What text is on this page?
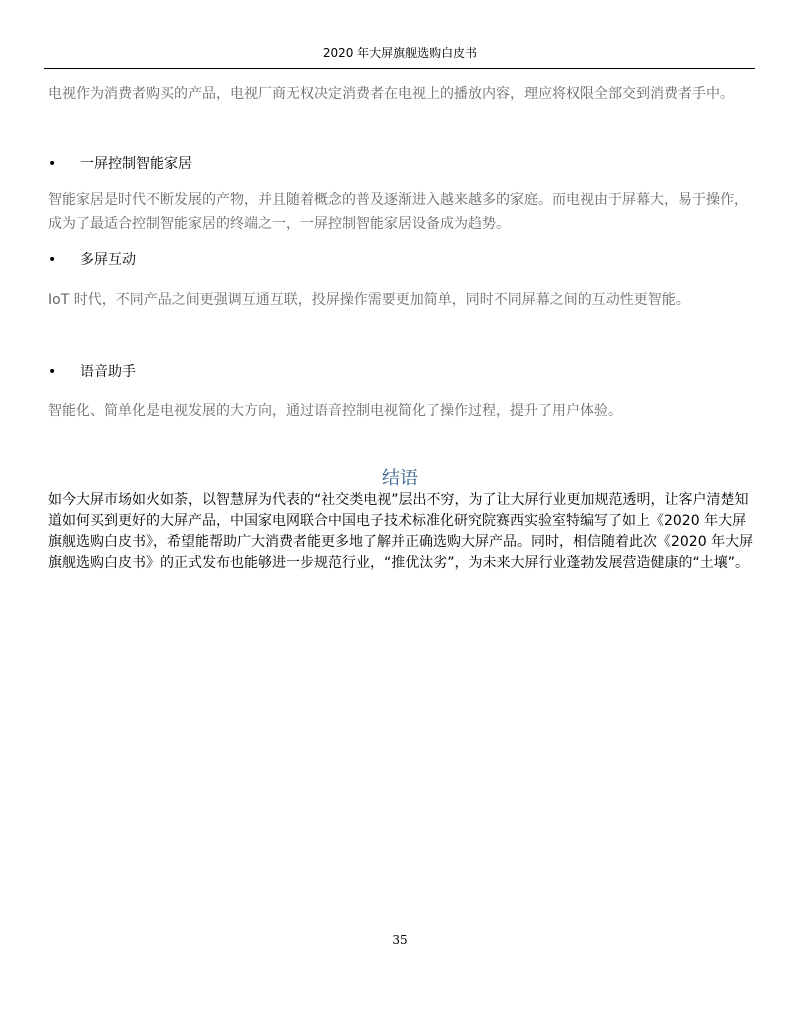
2020 年大屏旗舰选购白皮书

电视作为消费者购买的产品，电视厂商无权决定消费者在电视上的播放内容，理应将权限全部交到消费者手中。

• 一屏控制智能家居

智能家居是时代不断发展的产物，并且随着概念的普及逐渐进入越来越多的家庭。而电视由于屏幕大，易于操作，成为了最适合控制智能家居的终端之一，一屏控制智能家居设备成为趋势。

• 多屏互动

IoT 时代，不同产品之间更强调互通互联，投屏操作需要更加简单，同时不同屏幕之间的互动性更智能。

• 语音助手

智能化、简单化是电视发展的大方向，通过语音控制电视简化了操作过程，提升了用户体验。

结语

如今大屏市场如火如荼，以智慧屏为代表的“社交类电视”层出不穷，为了让大屏行业更加规范透明，让客户清楚知道如何买到更好的大屏产品，中国家电网联合中国电子技术标准化研究院赛西实验室特编写了如上《2020 年大屏旗舰选购白皮书》，希望能帮助广大消费者能更多地了解并正确选购大屏产品。同时，相信随着此次《2020 年大屏旗舰选购白皮书》的正式发布也能够进一步规范行业，“推优汰劣”，为未来大屏行业蓬勃发展营造健康的“土壤”。

35
